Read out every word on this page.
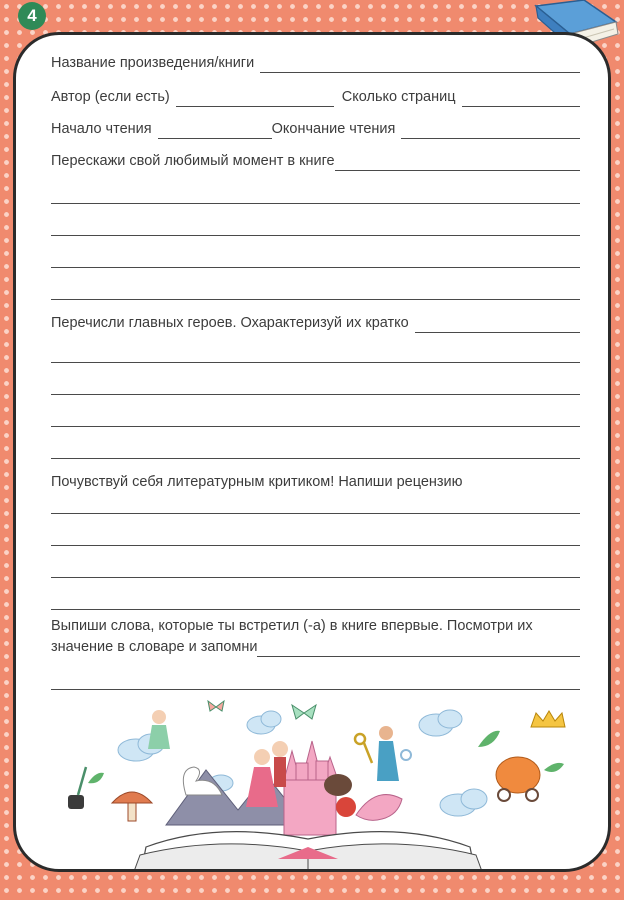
4
Название произведения/книги
Автор (если есть)	Сколько страниц
Начало чтения	Окончание чтения
Перескажи свой любимый момент в книге
Перечисли главных героев. Охарактеризуй их кратко
Почувствуй себя литературным критиком! Напиши рецензию
Выпиши слова, которые ты встретил (-а) в книге впервые. Посмотри их
значение в словаре и запомни
